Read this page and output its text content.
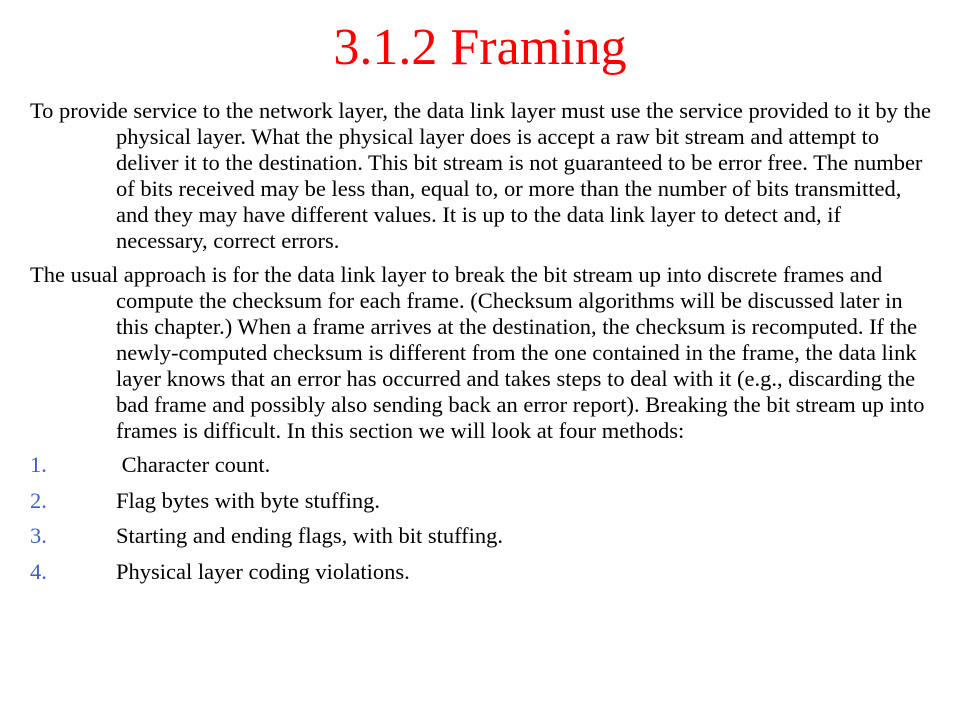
3.1.2 Framing

To provide service to the network layer, the data link layer must use the service provided to it by the physical layer. What the physical layer does is accept a raw bit stream and attempt to deliver it to the destination. This bit stream is not guaranteed to be error free. The number of bits received may be less than, equal to, or more than the number of bits transmitted, and they may have different values. It is up to the data link layer to detect and, if necessary, correct errors.

The usual approach is for the data link layer to break the bit stream up into discrete frames and compute the checksum for each frame. (Checksum algorithms will be discussed later in this chapter.) When a frame arrives at the destination, the checksum is recomputed. If the newly-computed checksum is different from the one contained in the frame, the data link layer knows that an error has occurred and takes steps to deal with it (e.g., discarding the bad frame and possibly also sending back an error report). Breaking the bit stream up into frames is difficult. In this section we will look at four methods:

1.	Character count.
2.	Flag bytes with byte stuffing.
3.	Starting and ending flags, with bit stuffing.
4.	Physical layer coding violations.
